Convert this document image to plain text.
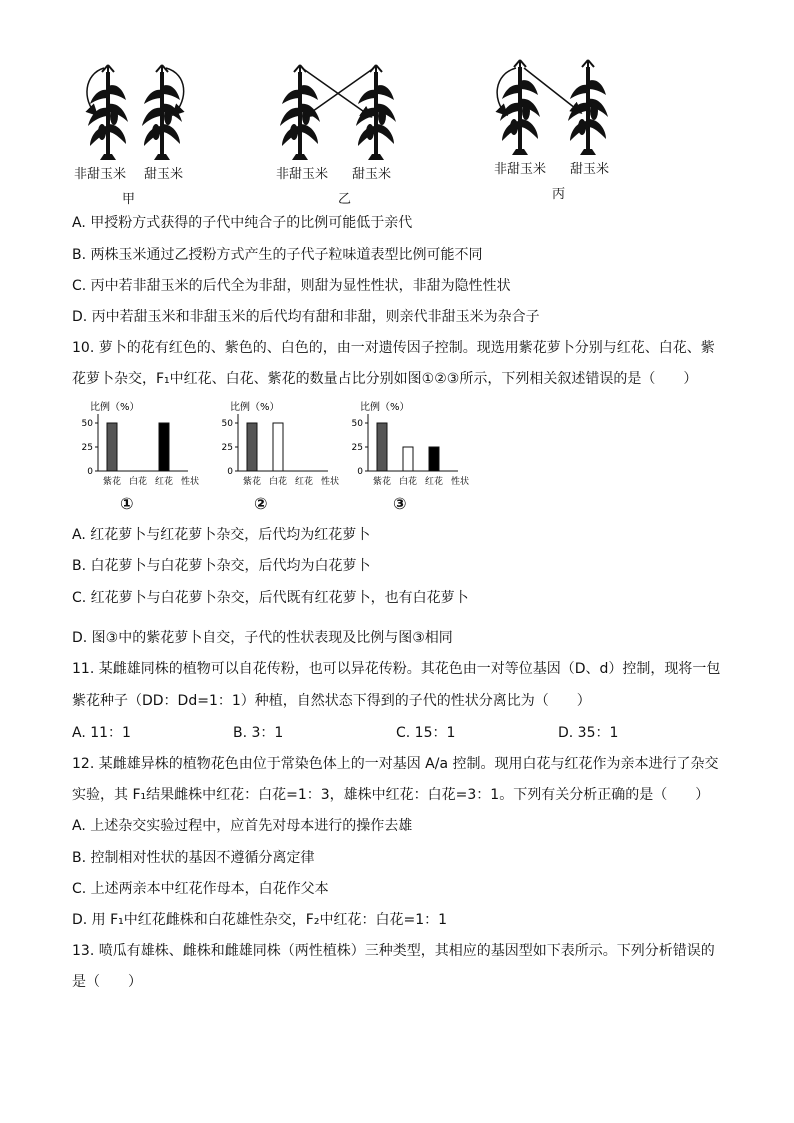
非甜玉米 甜玉米
甲
非甜玉米 甜玉米
乙
非甜玉米 甜玉米
丙
A. 甲授粉方式获得的子代中纯合子的比例可能低于亲代
B. 两株玉米通过乙授粉方式产生的子代子粒味道表型比例可能不同
C. 丙中若非甜玉米的后代全为非甜，则甜为显性性状，非甜为隐性性状
D. 丙中若甜玉米和非甜玉米的后代均有甜和非甜，则亲代非甜玉米为杂合子
10. 萝卜的花有红色的、紫色的、白色的，由一对遗传因子控制。现选用紫花萝卜分别与红花、白花、紫
花萝卜杂交，F₁中红花、白花、紫花的数量占比分别如图①②③所示，下列相关叙述错误的是（　　）
比例（%）
0
25
50
紫花 白花 红花 性状
比例（%）
0
25
50
紫花 白花 红花 性状
比例（%）
0
25
50
紫花 白花 红花 性状
①	②	③
A. 红花萝卜与红花萝卜杂交，后代均为红花萝卜
B. 白花萝卜与白花萝卜杂交，后代均为白花萝卜
C. 红花萝卜与白花萝卜杂交，后代既有红花萝卜，也有白花萝卜
D. 图③中的紫花萝卜自交，子代的性状表现及比例与图③相同
11. 某雌雄同株的植物可以自花传粉，也可以异花传粉。其花色由一对等位基因（D、d）控制，现将一包
紫花种子（DD：Dd=1：1）种植，自然状态下得到的子代的性状分离比为（　　）
A. 11：1	B. 3：1	C. 15：1	D. 35：1
12. 某雌雄异株的植物花色由位于常染色体上的一对基因 A/a 控制。现用白花与红花作为亲本进行了杂交
实验，其 F₁结果雌株中红花：白花=1：3，雄株中红花：白花=3：1。下列有关分析正确的是（　　）
A. 上述杂交实验过程中，应首先对母本进行的操作去雄
B. 控制相对性状的基因不遵循分离定律
C. 上述两亲本中红花作母本，白花作父本
D. 用 F₁中红花雌株和白花雄性杂交，F₂中红花：白花=1：1
13. 喷瓜有雄株、雌株和雌雄同株（两性植株）三种类型，其相应的基因型如下表所示。下列分析错误的
是（　　）
